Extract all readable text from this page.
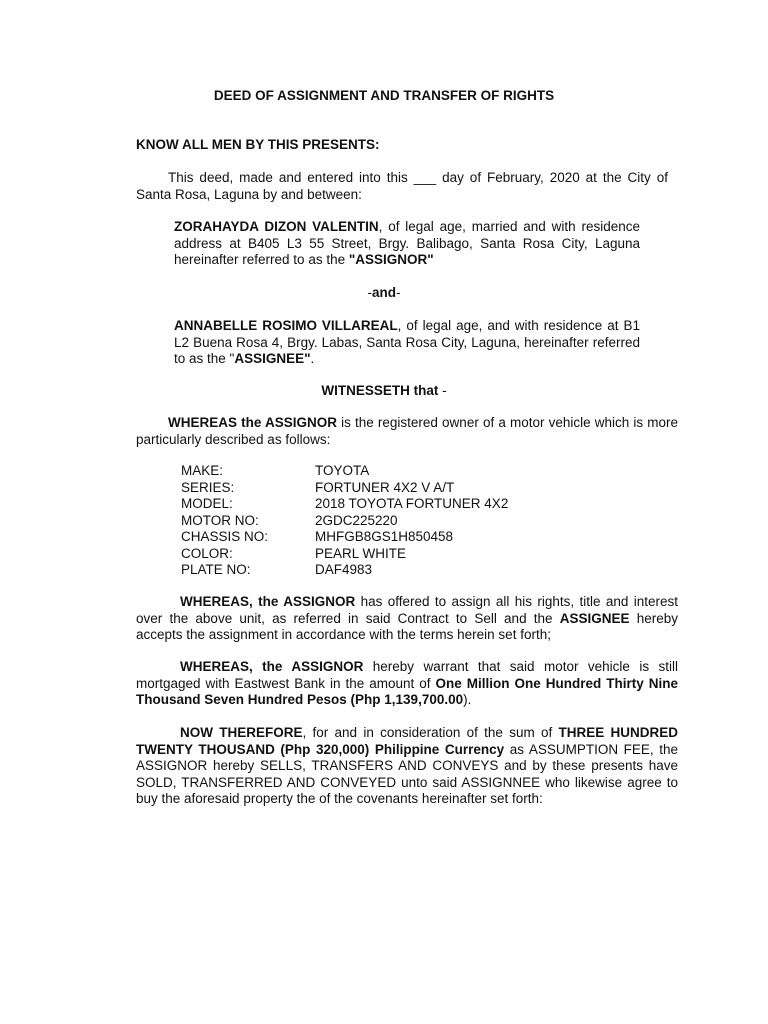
DEED OF ASSIGNMENT AND TRANSFER OF RIGHTS
KNOW ALL MEN BY THIS PRESENTS:
This deed, made and entered into this ___ day of February, 2020 at the City of Santa Rosa, Laguna by and between:
ZORAHAYDA DIZON VALENTIN, of legal age, married and with residence address at B405 L3 55 Street, Brgy. Balibago, Santa Rosa City, Laguna hereinafter referred to as the "ASSIGNOR"
-and-
ANNABELLE ROSIMO VILLAREAL, of legal age, and with residence at B1 L2 Buena Rosa 4, Brgy. Labas, Santa Rosa City, Laguna, hereinafter referred to as the "ASSIGNEE".
WITNESSETH that -
WHEREAS the ASSIGNOR is the registered owner of a motor vehicle which is more particularly described as follows:
MAKE:	TOYOTA
SERIES:	FORTUNER 4X2 V A/T
MODEL:	2018 TOYOTA FORTUNER 4X2
MOTOR NO:	2GDC225220
CHASSIS NO:	MHFGB8GS1H850458
COLOR:	PEARL WHITE
PLATE NO:	DAF4983
WHEREAS, the ASSIGNOR has offered to assign all his rights, title and interest over the above unit, as referred in said Contract to Sell and the ASSIGNEE hereby accepts the assignment in accordance with the terms herein set forth;
WHEREAS, the ASSIGNOR hereby warrant that said motor vehicle is still mortgaged with Eastwest Bank in the amount of One Million One Hundred Thirty Nine Thousand Seven Hundred Pesos (Php 1,139,700.00).
NOW THEREFORE, for and in consideration of the sum of THREE HUNDRED TWENTY THOUSAND (Php 320,000) Philippine Currency as ASSUMPTION FEE, the ASSIGNOR hereby SELLS, TRANSFERS AND CONVEYS and by these presents have SOLD, TRANSFERRED AND CONVEYED unto said ASSIGNNEE who likewise agree to buy the aforesaid property the of the covenants hereinafter set forth:
